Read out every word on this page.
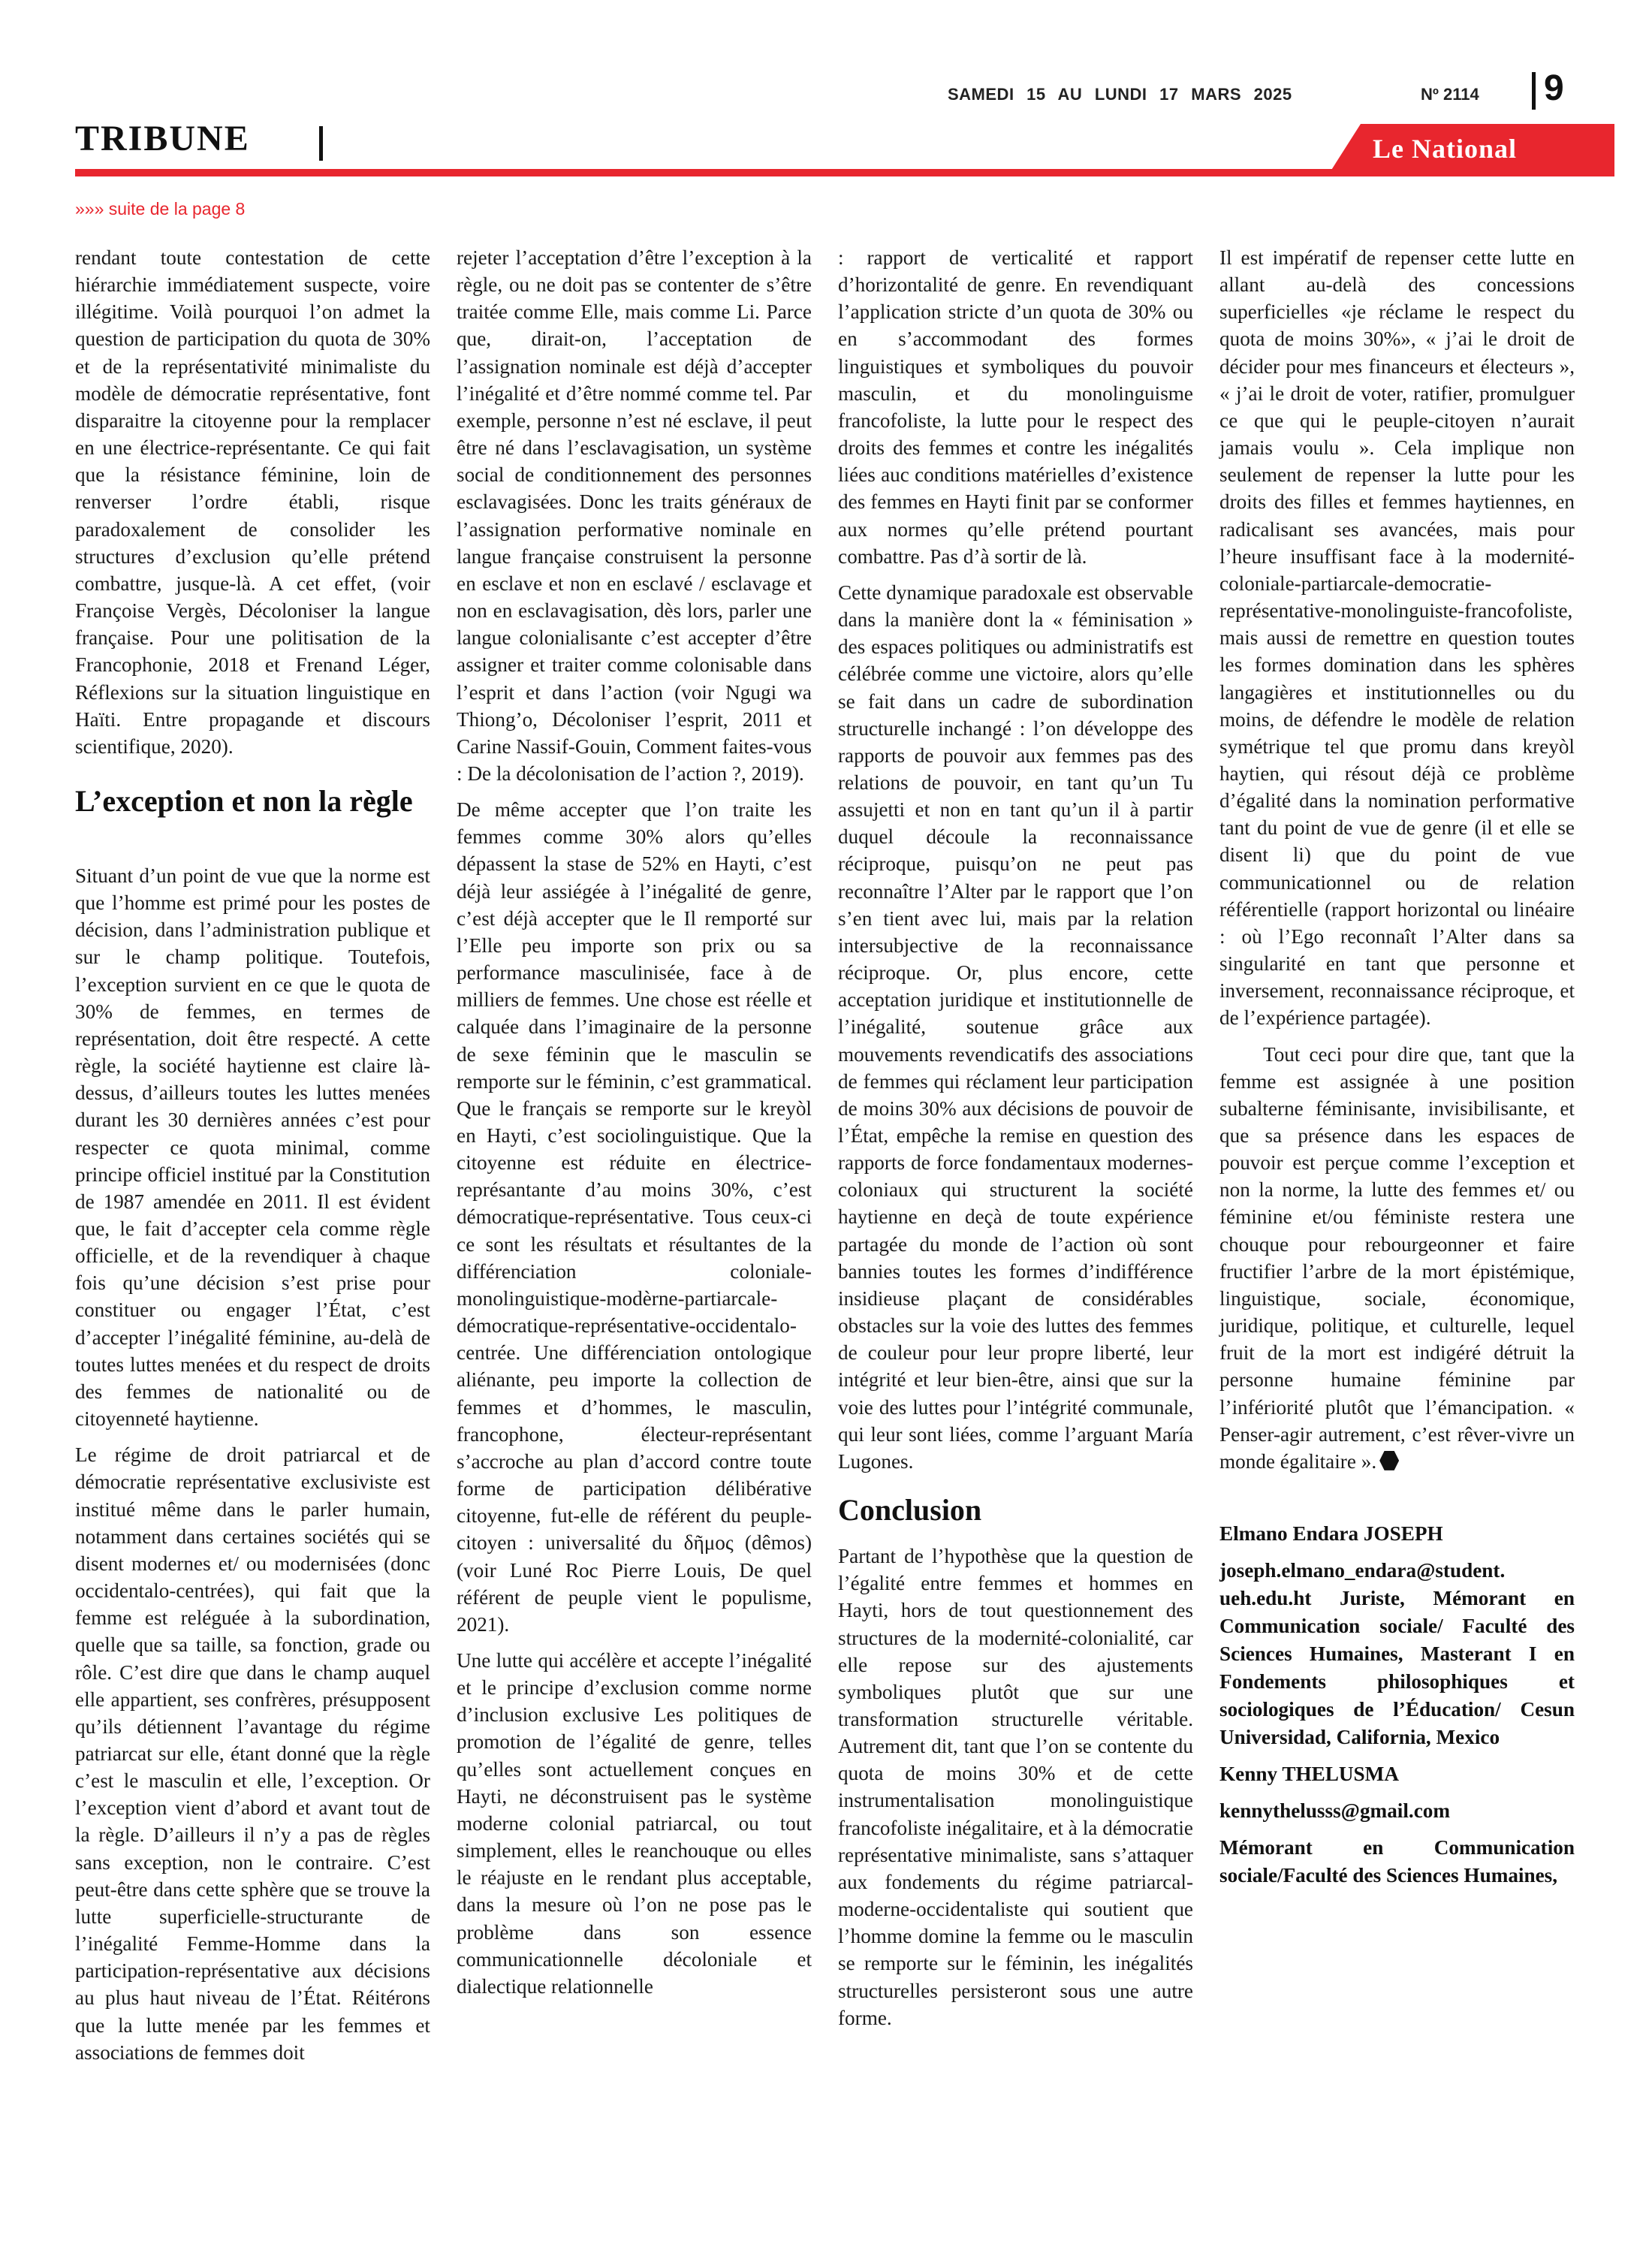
SAMEDI 15 AU LUNDI 17 MARS 2025	Nº 2114 9

TRIBUNE	Le National

»»» suite de la page 8

rendant toute contestation de cette hiérarchie immédiatement suspecte, voire illégitime. Voilà pourquoi l’on admet la question de participation du quota de 30% et de la représentativité minimaliste du modèle de démocratie représentative, font disparaitre la citoyenne pour la remplacer en une électrice-représentante. Ce qui fait que la résistance féminine, loin de renverser l’ordre établi, risque paradoxalement de consolider les structures d’exclusion qu’elle prétend combattre, jusque-là. A cet effet, (voir Françoise Vergès, Décoloniser la langue française. Pour une politisation de la Francophonie, 2018 et Frenand Léger, Réflexions sur la situation linguistique en Haïti. Entre propagande et discours scientifique, 2020).

L’exception et non la règle

Situant d’un point de vue que la norme est que l’homme est primé pour les postes de décision, dans l’administration publique et sur le champ politique. Toutefois, l’exception survient en ce que le quota de 30% de femmes, en termes de représentation, doit être respecté. A cette règle, la société haytienne est claire là-dessus, d’ailleurs toutes les luttes menées durant les 30 dernières années c’est pour respecter ce quota minimal, comme principe officiel institué par la Constitution de 1987 amendée en 2011. Il est évident que, le fait d’accepter cela comme règle officielle, et de la revendiquer à chaque fois qu’une décision s’est prise pour constituer ou engager l’État, c’est d’accepter l’inégalité féminine, au-delà de toutes luttes menées et du respect de droits des femmes de nationalité ou de citoyenneté haytienne.

Le régime de droit patriarcal et de démocratie représentative exclusiviste est institué même dans le parler humain, notamment dans certaines sociétés qui se disent modernes et/ ou modernisées (donc occidentalo-centrées), qui fait que la femme est reléguée à la subordination, quelle que sa taille, sa fonction, grade ou rôle. C’est dire que dans le champ auquel elle appartient, ses confrères, présupposent qu’ils détiennent l’avantage du régime patriarcat sur elle, étant donné que la règle c’est le masculin et elle, l’exception. Or l’exception vient d’abord et avant tout de la règle. D’ailleurs il n’y a pas de règles sans exception, non le contraire. C’est peut-être dans cette sphère que se trouve la lutte superficielle-structurante de l’inégalité Femme-Homme dans la participation-représentative aux décisions au plus haut niveau de l’État. Réitérons que la lutte menée par les femmes et associations de femmes doit

rejeter l’acceptation d’être l’exception à la règle, ou ne doit pas se contenter de s’être traitée comme Elle, mais comme Li. Parce que, dirait-on, l’acceptation de l’assignation nominale est déjà d’accepter l’inégalité et d’être nommé comme tel. Par exemple, personne n’est né esclave, il peut être né dans l’esclavagisation, un système social de conditionnement des personnes esclavagisées. Donc les traits généraux de l’assignation performative nominale en langue française construisent la personne en esclave et non en esclavé / esclavage et non en esclavagisation, dès lors, parler une langue colonialisante c’est accepter d’être assigner et traiter comme colonisable dans l’esprit et dans l’action (voir Ngugi wa Thiong’o, Décoloniser l’esprit, 2011 et Carine Nassif-Gouin, Comment faites-vous : De la décolonisation de l’action ?, 2019).

De même accepter que l’on traite les femmes comme 30% alors qu’elles dépassent la stase de 52% en Hayti, c’est déjà leur assiégée à l’inégalité de genre, c’est déjà accepter que le Il remporté sur l’Elle peu importe son prix ou sa performance masculinisée, face à de milliers de femmes. Une chose est réelle et calquée dans l’imaginaire de la personne de sexe féminin que le masculin se remporte sur le féminin, c’est grammatical. Que le français se remporte sur le kreyòl en Hayti, c’est sociolinguistique. Que la citoyenne est réduite en électrice-représantante d’au moins 30%, c’est démocratique-représentative. Tous ceux-ci ce sont les résultats et résultantes de la différenciation coloniale-monolinguistique-modèrne-partiarcale-démocratique-représentative-occidentalo-centrée. Une différenciation ontologique aliénante, peu importe la collection de femmes et d’hommes, le masculin, francophone, électeur-représentant s’accroche au plan d’accord contre toute forme de participation délibérative citoyenne, fut-elle de référent du peuple-citoyen : universalité du δῆμος (dêmos) (voir Luné Roc Pierre Louis, De quel référent de peuple vient le populisme, 2021).

Une lutte qui accélère et accepte l’inégalité et le principe d’exclusion comme norme d’inclusion exclusive Les politiques de promotion de l’égalité de genre, telles qu’elles sont actuellement conçues en Hayti, ne déconstruisent pas le système moderne colonial patriarcal, ou tout simplement, elles le reanchouque ou elles le réajuste en le rendant plus acceptable, dans la mesure où l’on ne pose pas le problème dans son essence communicationnelle décoloniale et dialectique relationnelle

: rapport de verticalité et rapport d’horizontalité de genre. En revendiquant l’application stricte d’un quota de 30% ou en s’accommodant des formes linguistiques et symboliques du pouvoir masculin, et du monolinguisme francofoliste, la lutte pour le respect des droits des femmes et contre les inégalités liées auc conditions matérielles d’existence des femmes en Hayti finit par se conformer aux normes qu’elle prétend pourtant combattre. Pas d’à sortir de là.

Cette dynamique paradoxale est observable dans la manière dont la « féminisation » des espaces politiques ou administratifs est célébrée comme une victoire, alors qu’elle se fait dans un cadre de subordination structurelle inchangé : l’on développe des rapports de pouvoir aux femmes pas des relations de pouvoir, en tant qu’un Tu assujetti et non en tant qu’un il à partir duquel découle la reconnaissance réciproque, puisqu’on ne peut pas reconnaître l’Alter par le rapport que l’on s’en tient avec lui, mais par la relation intersubjective de la reconnaissance réciproque. Or, plus encore, cette acceptation juridique et institutionnelle de l’inégalité, soutenue grâce aux mouvements revendicatifs des associations de femmes qui réclament leur participation de moins 30% aux décisions de pouvoir de l’État, empêche la remise en question des rapports de force fondamentaux modernes-coloniaux qui structurent la société haytienne en deçà de toute expérience partagée du monde de l’action où sont bannies toutes les formes d’indifférence insidieuse plaçant de considérables obstacles sur la voie des luttes des femmes de couleur pour leur propre liberté, leur intégrité et leur bien-être, ainsi que sur la voie des luttes pour l’intégrité communale, qui leur sont liées, comme l’arguant María Lugones.

Conclusion

Partant de l’hypothèse que la question de l’égalité entre femmes et hommes en Hayti, hors de tout questionnement des structures de la modernité-colonialité, car elle repose sur des ajustements symboliques plutôt que sur une transformation structurelle véritable. Autrement dit, tant que l’on se contente du quota de moins 30% et de cette instrumentalisation monolinguistique francofoliste inégalitaire, et à la démocratie représentative minimaliste, sans s’attaquer aux fondements du régime patriarcal-moderne-occidentaliste qui soutient que l’homme domine la femme ou le masculin se remporte sur le féminin, les inégalités structurelles persisteront sous une autre forme.

Il est impératif de repenser cette lutte en allant au-delà des concessions superficielles «je réclame le respect du quota de moins 30%», « j’ai le droit de décider pour mes financeurs et électeurs », « j’ai le droit de voter, ratifier, promulguer ce que qui le peuple-citoyen n’aurait jamais voulu ». Cela implique non seulement de repenser la lutte pour les droits des filles et femmes haytiennes, en radicalisant ses avancées, mais pour l’heure insuffisant face à la modernité-coloniale-partiarcale-democratie-représentative-monolinguiste-francofoliste, mais aussi de remettre en question toutes les formes domination dans les sphères langagières et institutionnelles ou du moins, de défendre le modèle de relation symétrique tel que promu dans kreyòl haytien, qui résout déjà ce problème d’égalité dans la nomination performative tant du point de vue de genre (il et elle se disent li) que du point de vue communicationnel ou de relation référentielle (rapport horizontal ou linéaire : où l’Ego reconnaît l’Alter dans sa singularité en tant que personne et inversement, reconnaissance réciproque, et de l’expérience partagée).

Tout ceci pour dire que, tant que la femme est assignée à une position subalterne féminisante, invisibilisante, et que sa présence dans les espaces de pouvoir est perçue comme l’exception et non la norme, la lutte des femmes et/ ou féminine et/ou féministe restera une chouque pour rebourgeonner et faire fructifier l’arbre de la mort épistémique, linguistique, sociale, économique, juridique, politique, et culturelle, lequel fruit de la mort est indigéré détruit la personne humaine féminine par l’infériorité plutôt que l’émancipation. « Penser-agir autrement, c’est rêver-vivre un monde égalitaire ».

Elmano Endara JOSEPH

joseph.elmano_endara@student. ueh.edu.ht Juriste, Mémorant en Communication sociale/ Faculté des Sciences Humaines, Masterant I en Fondements philosophiques et sociologiques de l’Éducation/ Cesun Universidad, California, Mexico

Kenny THELUSMA

kennythelusss@gmail.com

Mémorant en Communication sociale/Faculté des Sciences Humaines,
